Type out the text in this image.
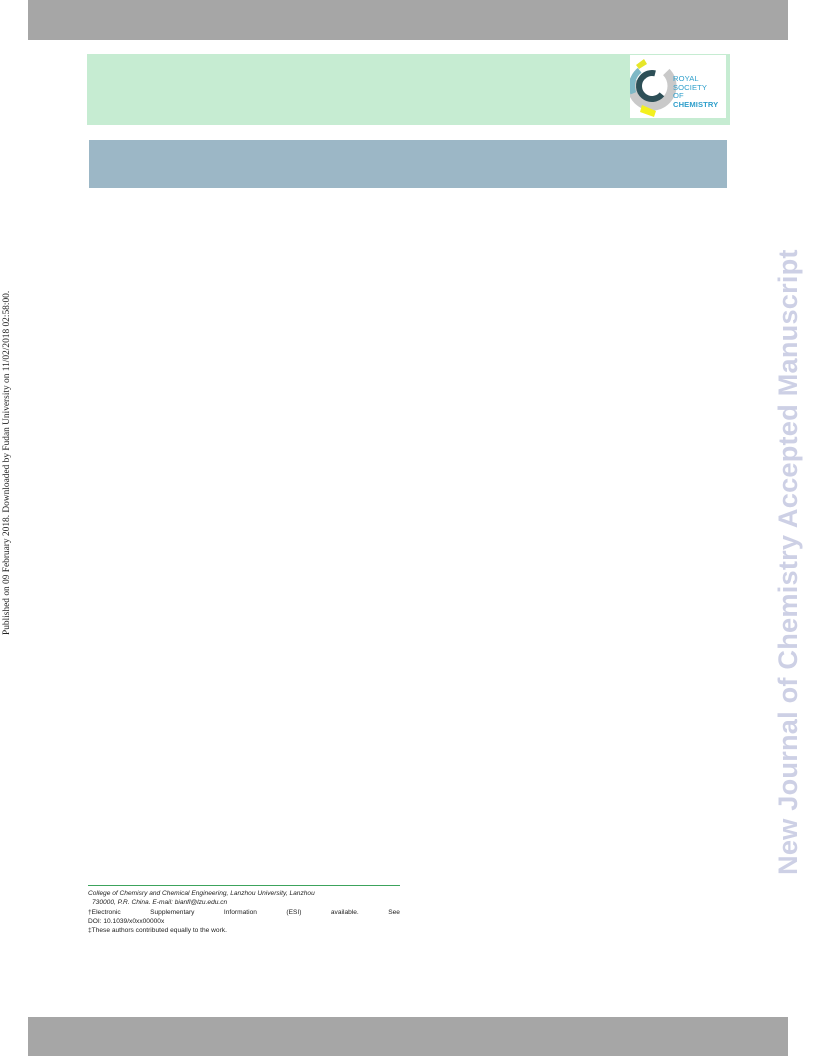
ROYAL SOCIETY
OF CHEMISTRY
Published on 09 February 2018. Downloaded by Fudan University on 11/02/2018 02:58:00.	New Journal of Chemistry Accepted Manuscript

College of Chemisry and Chemical Engineering, Lanzhou University, Lanzhou
730000, P.R. China. E-mail: bianfl@lzu.edu.cn

†Electronic	Supplementary	Information	(ESI)	available.	See

DOI: 10.1039/x0xx00000x

‡These authors contributed equally to the work.
